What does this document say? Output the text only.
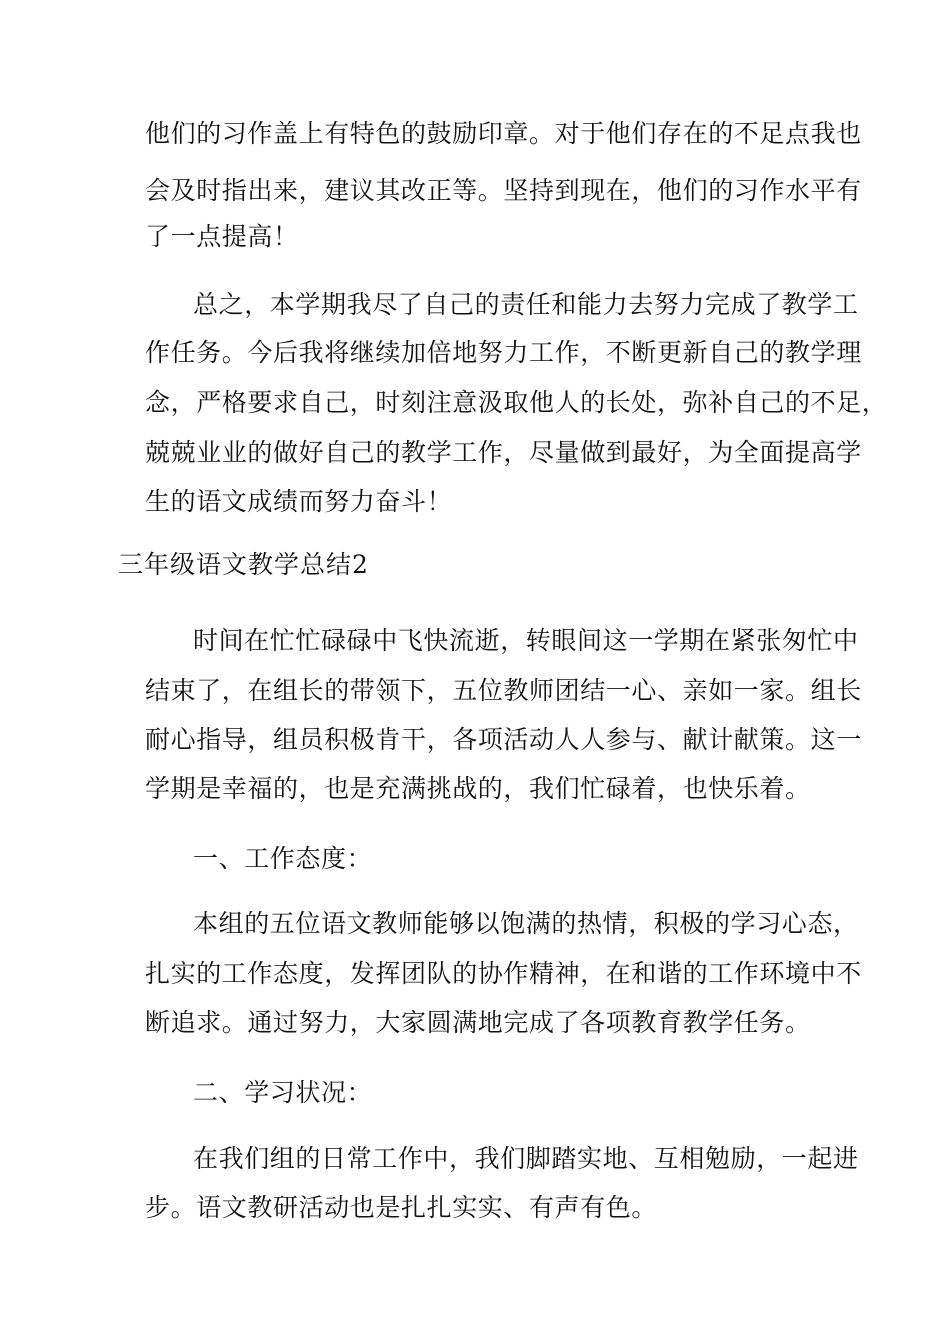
他们的习作盖上有特色的鼓励印章。对于他们存在的不足点我也
会及时指出来，建议其改正等。坚持到现在，他们的习作水平有
了一点提高！
总之，本学期我尽了自己的责任和能力去努力完成了教学工
作任务。今后我将继续加倍地努力工作，不断更新自己的教学理
念，严格要求自己，时刻注意汲取他人的长处，弥补自己的不足，
兢兢业业的做好自己的教学工作，尽量做到最好，为全面提高学
生的语文成绩而努力奋斗！
三年级语文教学总结2
时间在忙忙碌碌中飞快流逝，转眼间这一学期在紧张匆忙中
结束了，在组长的带领下，五位教师团结一心、亲如一家。组长
耐心指导，组员积极肯干，各项活动人人参与、献计献策。这一
学期是幸福的，也是充满挑战的，我们忙碌着，也快乐着。
一、工作态度：
本组的五位语文教师能够以饱满的热情，积极的学习心态，
扎实的工作态度，发挥团队的协作精神，在和谐的工作环境中不
断追求。通过努力，大家圆满地完成了各项教育教学任务。
二、学习状况：
在我们组的日常工作中，我们脚踏实地、互相勉励，一起进
步。语文教研活动也是扎扎实实、有声有色。
